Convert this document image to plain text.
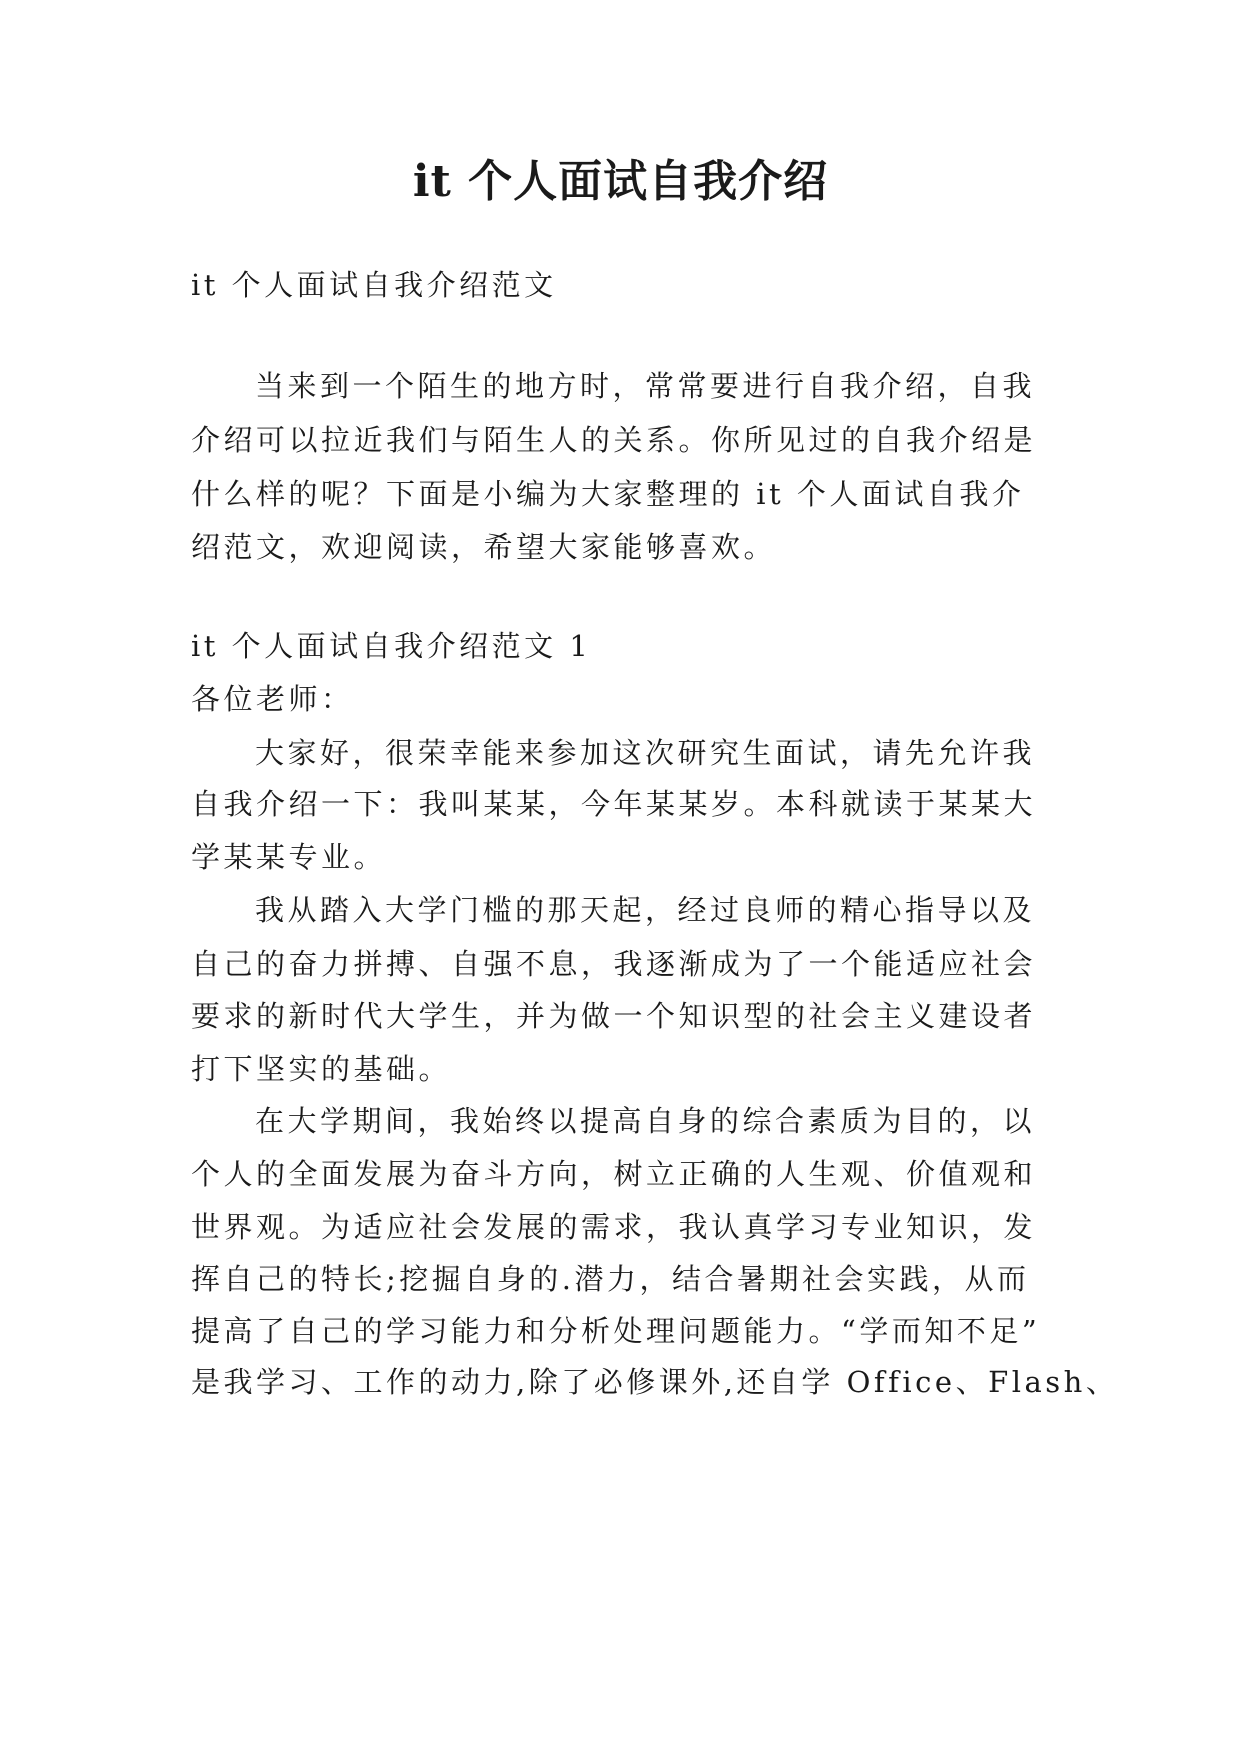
it 个人面试自我介绍
it 个人面试自我介绍范文
当来到一个陌生的地方时，常常要进行自我介绍，自我
介绍可以拉近我们与陌生人的关系。你所见过的自我介绍是
什么样的呢？下面是小编为大家整理的 it 个人面试自我介
绍范文，欢迎阅读，希望大家能够喜欢。
it 个人面试自我介绍范文 1
各位老师：
大家好，很荣幸能来参加这次研究生面试，请先允许我
自我介绍一下：我叫某某，今年某某岁。本科就读于某某大
学某某专业。
我从踏入大学门槛的那天起，经过良师的精心指导以及
自己的奋力拼搏、自强不息，我逐渐成为了一个能适应社会
要求的新时代大学生，并为做一个知识型的社会主义建设者
打下坚实的基础。
在大学期间，我始终以提高自身的综合素质为目的，以
个人的全面发展为奋斗方向，树立正确的人生观、价值观和
世界观。为适应社会发展的需求，我认真学习专业知识，发
挥自己的特长;挖掘自身的.潜力，结合暑期社会实践，从而
提高了自己的学习能力和分析处理问题能力。“学而知不足”
是我学习、工作的动力,除了必修课外,还自学 Office、Flash、
